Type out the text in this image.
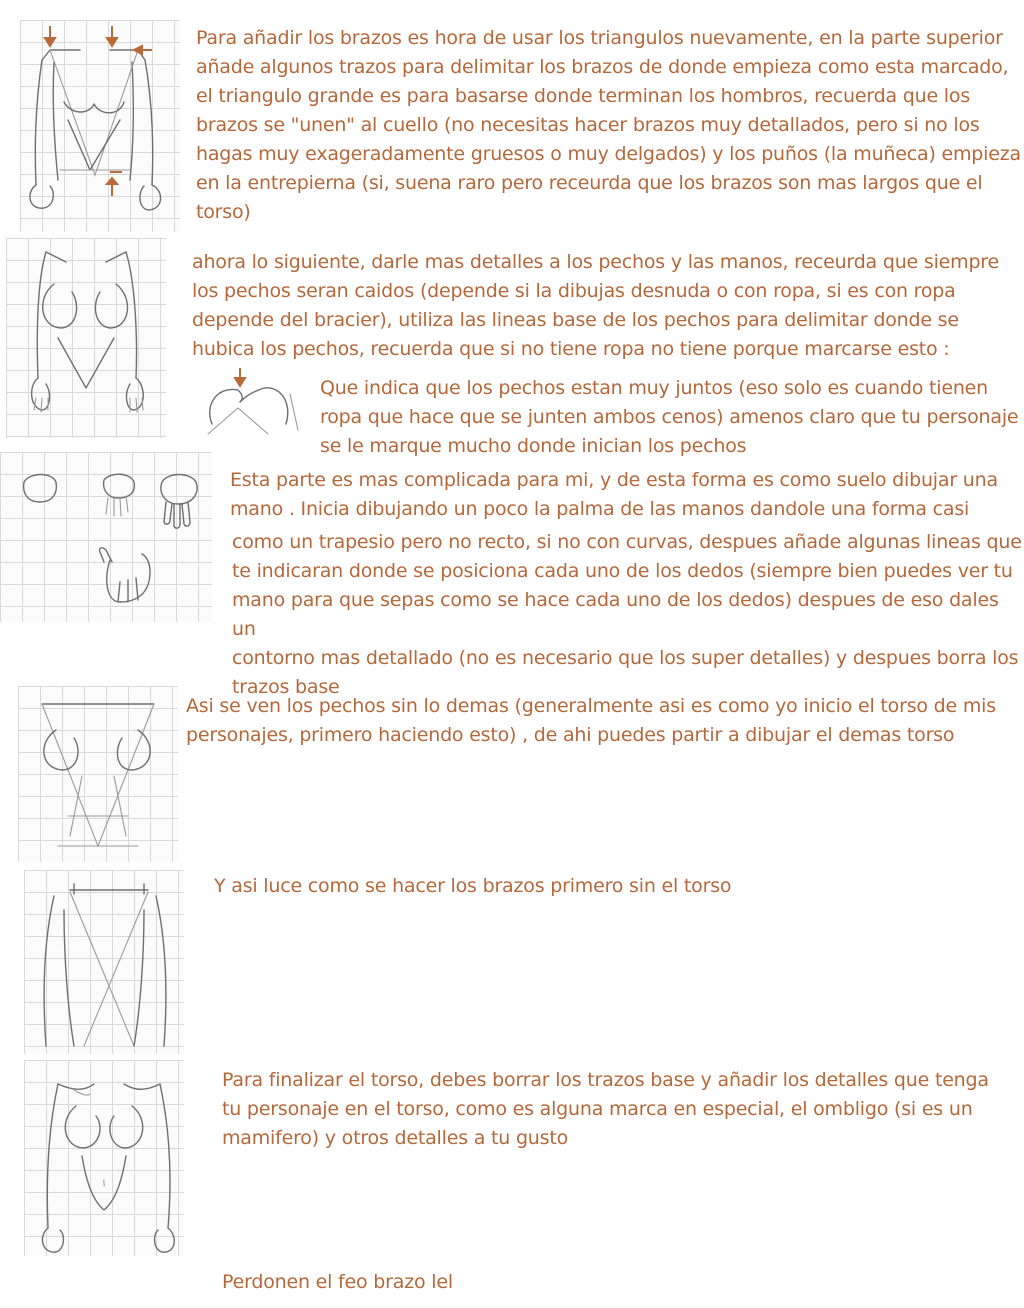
Para añadir los brazos es hora de usar los triangulos nuevamente, en la parte superior
añade algunos trazos para delimitar los brazos de donde empieza como esta marcado,
el triangulo grande es para basarse donde terminan los hombros, recuerda que los
brazos se "unen" al cuello (no necesitas hacer brazos muy detallados, pero si no los
hagas muy exageradamente gruesos o muy delgados) y los puños (la muñeca) empieza
en la entrepierna (si, suena raro pero receurda que los brazos son mas largos que el
torso)
ahora lo siguiente, darle mas detalles a los pechos y las manos, receurda que siempre
los pechos seran caidos (depende si la dibujas desnuda o con ropa, si es con ropa
depende del bracier), utiliza las lineas base de los pechos para delimitar donde se
hubica los pechos, recuerda que si no tiene ropa no tiene porque marcarse esto :
Que indica que los pechos estan muy juntos (eso solo es cuando tienen
ropa que hace que se junten ambos cenos) amenos claro que tu personaje
se le marque mucho donde inician los pechos
Esta parte es mas complicada para mi, y de esta forma es como suelo dibujar una
mano . Inicia dibujando un poco la palma de las manos dandole una forma casi
como un trapesio pero no recto, si no con curvas, despues añade algunas lineas que
te indicaran donde se posiciona cada uno de los dedos (siempre bien puedes ver tu
mano para que sepas como se hace cada uno de los dedos) despues de eso dales un
contorno mas detallado (no es necesario que los super detalles) y despues borra los
trazos base
Asi se ven los pechos sin lo demas (generalmente asi es como yo inicio el torso de mis
personajes, primero haciendo esto) , de ahi puedes partir a dibujar el demas torso
Y asi luce como se hacer los brazos primero sin el torso
Para finalizar el torso, debes borrar los trazos base y añadir los detalles que tenga
tu personaje en el torso, como es alguna marca en especial, el ombligo (si es un
mamifero) y otros detalles a tu gusto
Perdonen el feo brazo lel
